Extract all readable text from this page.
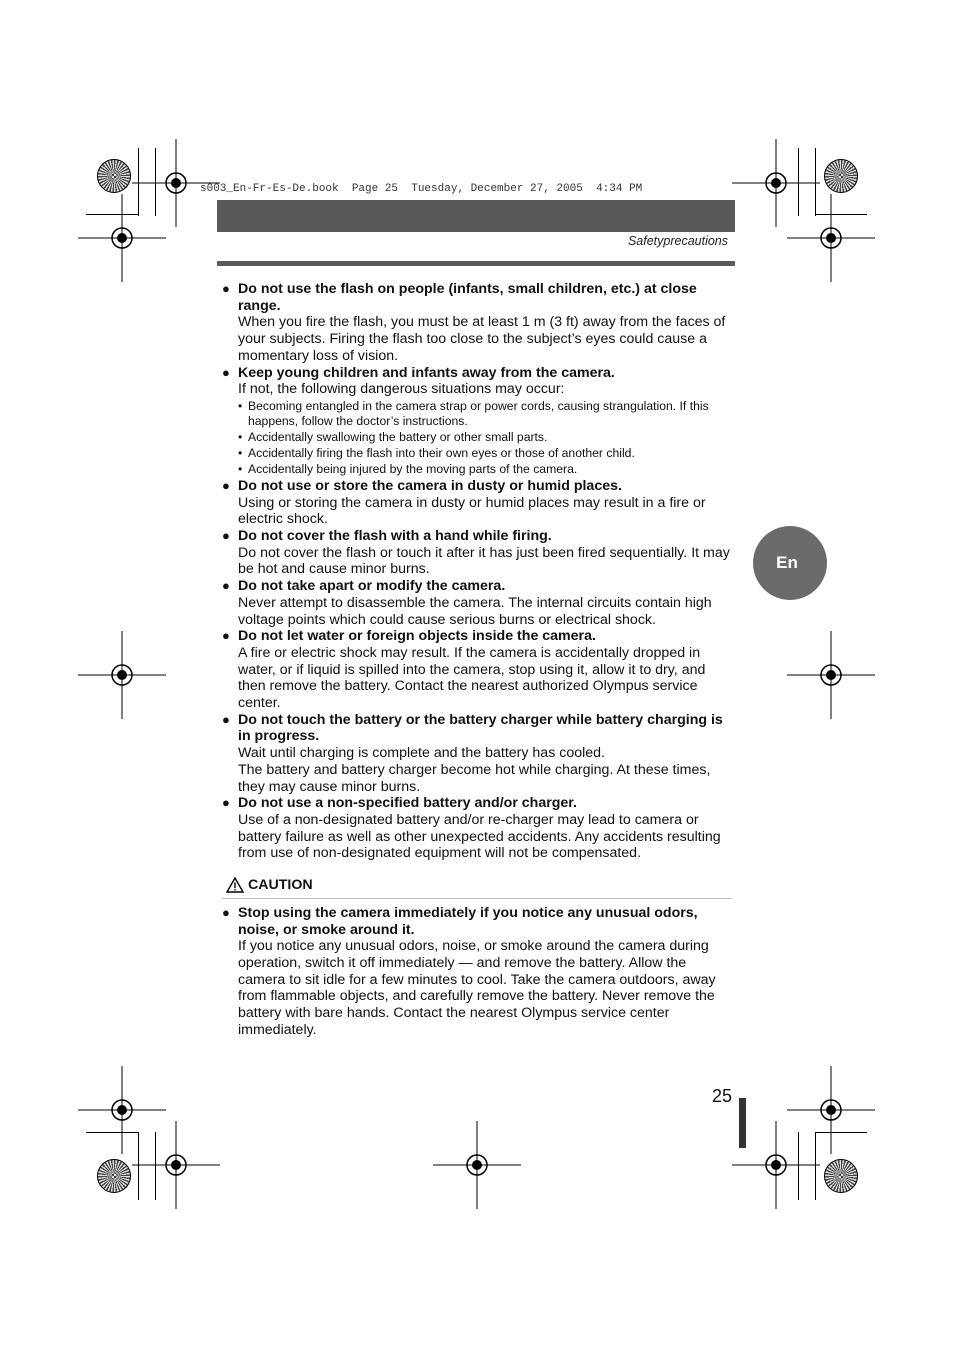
s003_En-Fr-Es-De.book  Page 25  Tuesday, December 27, 2005  4:34 PM
Safetyprecautions
● Do not use the flash on people (infants, small children, etc.) at close range.

When you fire the flash, you must be at least 1 m (3 ft) away from the faces of your subjects. Firing the flash too close to the subject’s eyes could cause a momentary loss of vision.

● Keep young children and infants away from the camera.

If not, the following dangerous situations may occur:

• Becoming entangled in the camera strap or power cords, causing strangulation. If this happens, follow the doctor’s instructions.
• Accidentally swallowing the battery or other small parts.
• Accidentally firing the flash into their own eyes or those of another child.
• Accidentally being injured by the moving parts of the camera.
● Do not use or store the camera in dusty or humid places.

Using or storing the camera in dusty or humid places may result in a fire or electric shock.

● Do not cover the flash with a hand while firing.

Do not cover the flash or touch it after it has just been fired sequentially. It may be hot and cause minor burns.

● Do not take apart or modify the camera.

Never attempt to disassemble the camera. The internal circuits contain high voltage points which could cause serious burns or electrical shock.

● Do not let water or foreign objects inside the camera.

A fire or electric shock may result. If the camera is accidentally dropped in water, or if liquid is spilled into the camera, stop using it, allow it to dry, and then remove the battery. Contact the nearest authorized Olympus service center.

● Do not touch the battery or the battery charger while battery charging is in progress.

Wait until charging is complete and the battery has cooled.

The battery and battery charger become hot while charging. At these times, they may cause minor burns.

● Do not use a non-specified battery and/or charger.

Use of a non-designated battery and/or re-charger may lead to camera or battery failure as well as other unexpected accidents. Any accidents resulting from use of non-designated equipment will not be compensated.

CAUTION
● Stop using the camera immediately if you notice any unusual odors, noise, or smoke around it.

If you notice any unusual odors, noise, or smoke around the camera during operation, switch it off immediately — and remove the battery. Allow the camera to sit idle for a few minutes to cool. Take the camera outdoors, away from flammable objects, and carefully remove the battery. Never remove the battery with bare hands. Contact the nearest Olympus service center immediately.

En
25
